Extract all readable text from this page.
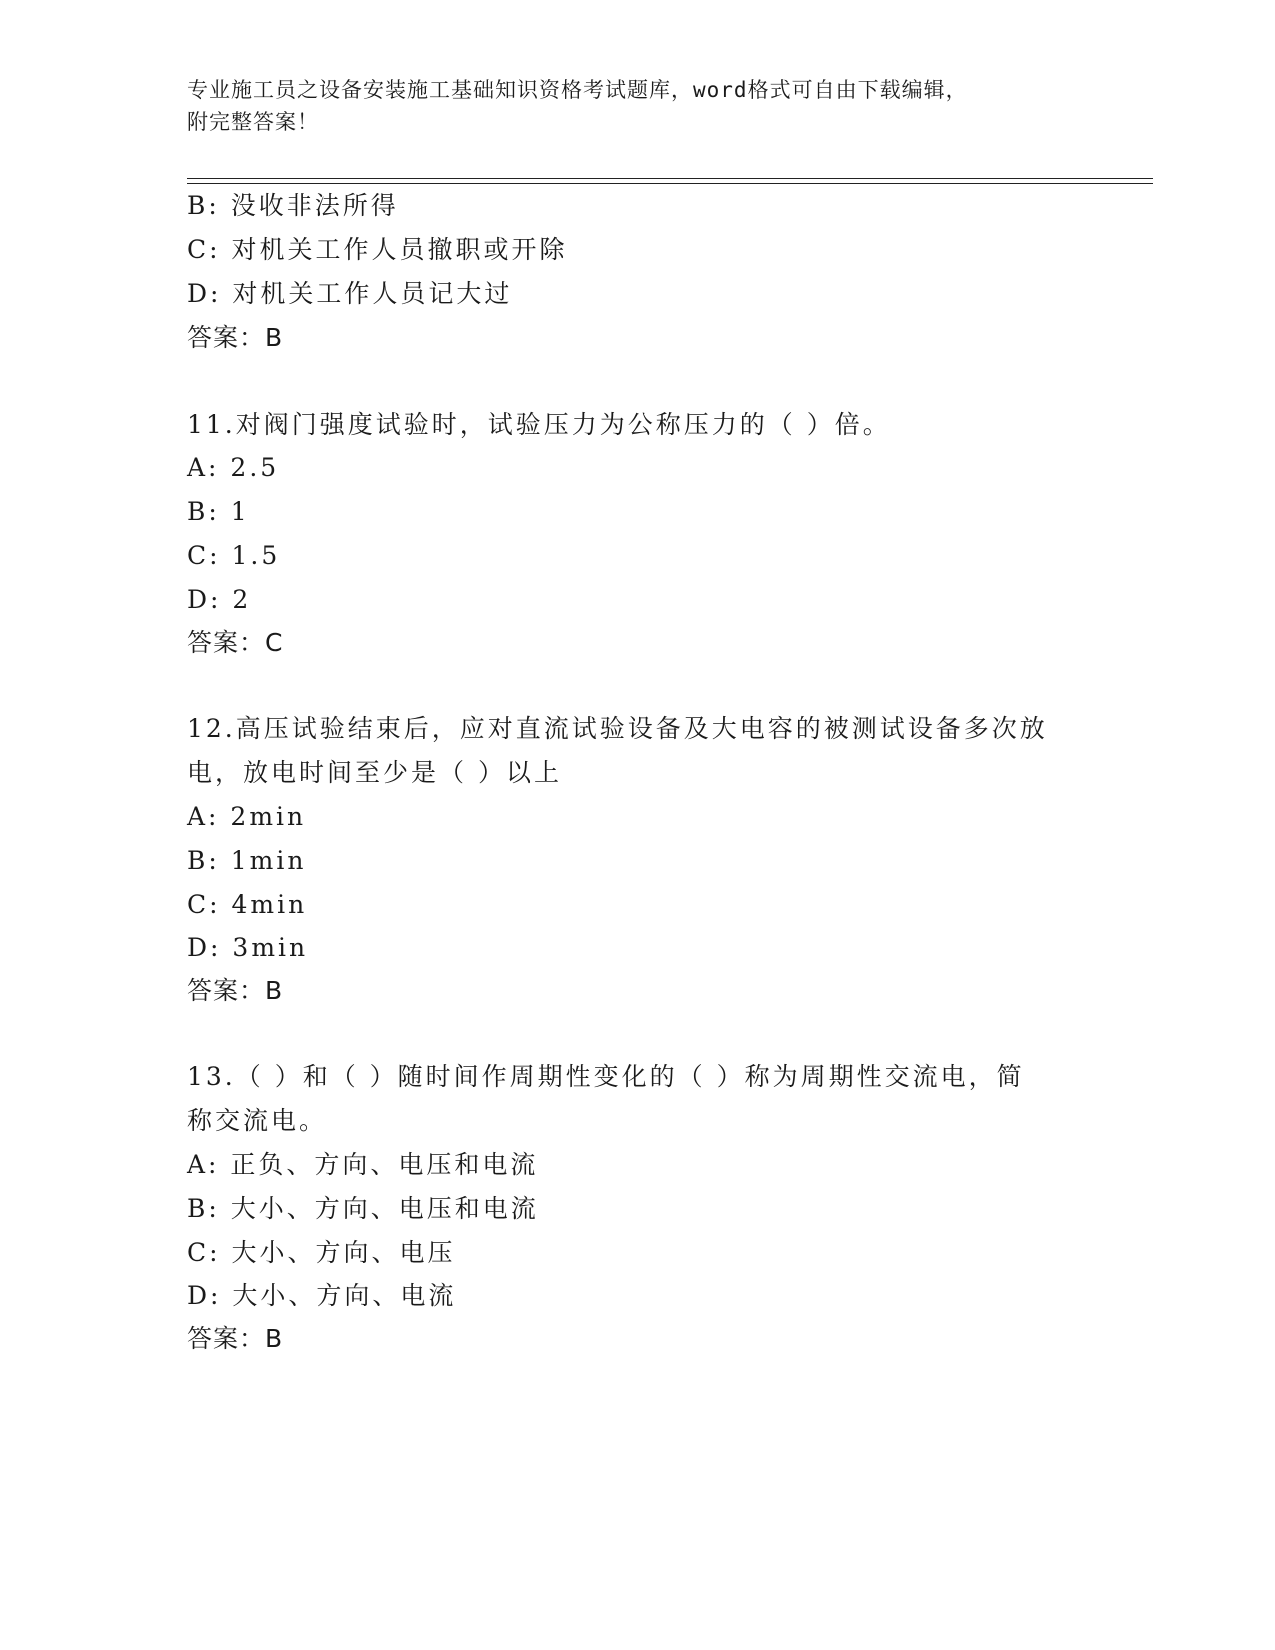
专业施工员之设备安装施工基础知识资格考试题库，word格式可自由下载编辑，
附完整答案！
B: 没收非法所得
C: 对机关工作人员撤职或开除
D: 对机关工作人员记大过
答案：B
11.对阀门强度试验时，试验压力为公称压力的（ ）倍。
A: 2.5
B: 1
C: 1.5
D: 2
答案：C
12.高压试验结束后，应对直流试验设备及大电容的被测试设备多次放
电，放电时间至少是（ ）以上
A: 2min
B: 1min
C: 4min
D: 3min
答案：B
13.（ ）和（ ）随时间作周期性变化的（ ）称为周期性交流电，简
称交流电。
A: 正负、方向、电压和电流
B: 大小、方向、电压和电流
C: 大小、方向、电压
D: 大小、方向、电流
答案：B
